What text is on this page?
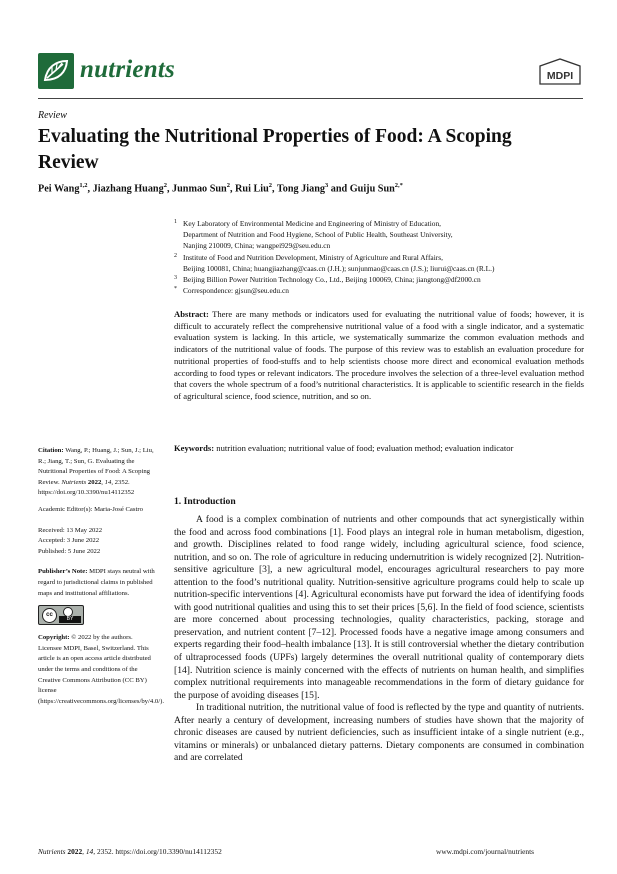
nutrients	MDPI
Review
Evaluating the Nutritional Properties of Food: A Scoping Review
Pei Wang$^{1,2}$, Jiazhang Huang$^2$, Junmao Sun$^2$, Rui Liu$^2$, Tong Jiang$^3$ and Guiju Sun$^{2,*}$
1 Key Laboratory of Environmental Medicine and Engineering of Ministry of Education,
Department of Nutrition and Food Hygiene, School of Public Health, Southeast University,
Nanjing 210009, China; wangpei929@seu.edu.cn
2 Institute of Food and Nutrition Development, Ministry of Agriculture and Rural Affairs,
Beijing 100081, China; huangjiazhang@caas.cn (J.H.); sunjunmao@caas.cn (J.S.); liurui@caas.cn (R.L.)
3 Beijing Billion Power Nutrition Technology Co., Ltd., Beijing 100069, China; jiangtong@df2000.cn
* Correspondence: gjsun@seu.edu.cn
Abstract: There are many methods or indicators used for evaluating the nutritional value of foods; however, it is difficult to accurately reflect the comprehensive nutritional value of a food with a single indicator, and a systematic evaluation system is lacking. In this article, we systematically summarize the common evaluation methods and indicators of the nutritional value of foods. The purpose of this review was to establish an evaluation procedure for nutritional properties of food-stuffs and to help scientists choose more direct and economical evaluation methods according to food types or relevant indicators. The procedure involves the selection of a three-level evaluation method that covers the whole spectrum of a food’s nutritional characteristics. It is applicable to scientific research in the fields of agricultural science, food science, nutrition, and so on.
Keywords: nutrition evaluation; nutritional value of food; evaluation method; evaluation indicator

Citation: Wang, P.; Huang, J.; Sun, J.; Liu, R.; Jiang, T.; Sun, G. Evaluating the Nutritional Properties of Food: A Scoping Review. Nutrients 2022, 14, 2352. https://doi.org/10.3390/nu14112352

Academic Editor(s): Maria-José Castro

Received: 13 May 2022

Accepted: 3 June 2022

Published: 5 June 2022

Publisher’s Note: MDPI stays neutral with regard to jurisdictional claims in published maps and institutional affiliations.

cc
BY

Copyright: © 2022 by the authors. Licensee MDPI, Basel, Switzerland. This article is an open access article distributed under the terms and conditions of the Creative Commons Attribution (CC BY) license (https://creativecommons.org/licenses/by/4.0/).

1. Introduction

A food is a complex combination of nutrients and other compounds that act synergistically within the food and across food combinations [1]. Food plays an integral role in human metabolism, digestion, and growth. Disciplines related to food range widely, including agricultural science, food science, nutrition, and so on. The role of agriculture in reducing undernutrition is widely recognized [2]. Nutrition-sensitive agriculture [3], a new agricultural model, encourages agricultural researchers to pay more attention to the food’s nutritional quality. Nutrition-sensitive agriculture programs could help to scale up nutrition-specific interventions [4]. Agricultural economists have put forward the idea of identifying foods with good nutritional qualities and using this to set their prices [5,6]. In the field of food science, scientists are more concerned about processing technologies, quality characteristics, packing, storage and preservation, and nutrient content [7–12]. Processed foods have a negative image among consumers and experts regarding their food–health imbalance [13]. It is still controversial whether the dietary contribution of ultraprocessed foods (UPFs) largely determines the overall nutritional quality of contemporary diets [14]. Nutrition science is mainly concerned with the effects of nutrients on human health, and simplifies complex nutritional requirements into manageable recommendations in the form of dietary guidance for the purpose of avoiding diseases [15].

In traditional nutrition, the nutritional value of food is reflected by the type and quantity of nutrients. After nearly a century of development, increasing numbers of studies have shown that the majority of chronic diseases are caused by nutrient deficiencies, such as insufficient intake of a single nutrient (e.g., vitamins or minerals) or unbalanced dietary patterns. Dietary components are consumed in combination and are correlated

Nutrients 2022, 14, 2352. https://doi.org/10.3390/nu14112352	www.mdpi.com/journal/nutrients
